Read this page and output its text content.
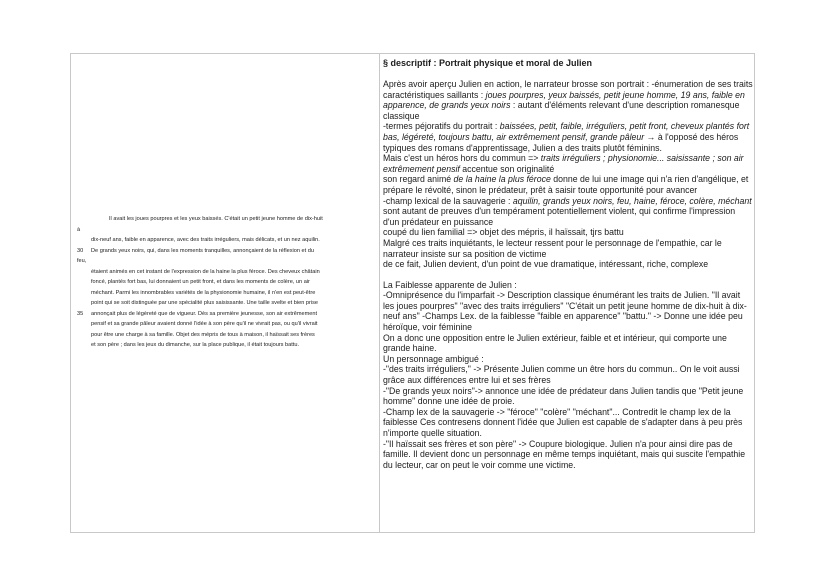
Il avait les joues pourpres et les yeux baissés. C'était un petit jeune homme de dix-huit
à
dix-neuf ans, faible en apparence, avec des traits irréguliers, mais délicats, et un nez aquilin.
30 De grands yeux noirs, qui, dans les moments tranquilles, annonçaient de la réflexion et du
feu,
étaient animés en cet instant de l'expression de la haine la plus féroce. Des cheveux châtain
foncé, plantés fort bas, lui donnaient un petit front, et dans les moments de colère, un air
méchant. Parmi les innombrables variétés de la physionomie humaine, il n'en est peut-être
point qui se soit distinguée par une spécialité plus saisissante. Une taille svelte et bien prise
35 annonçait plus de légèreté que de vigueur. Dès sa première jeunesse, son air extrêmement
pensif et sa grande pâleur avaient donné l'idée à son père qu'il ne vivrait pas, ou qu'il vivrait
pour être une charge à sa famille. Objet des mépris de tous à maison, il haïssait ses frères
et son père ; dans les jeux du dimanche, sur la place publique, il était toujours battu.
§ descriptif : Portrait physique et moral de Julien

Après avoir aperçu Julien en action, le narrateur brosse son portrait : -énumeration de ses traits caractéristiques saillants : joues pourpres, yeux baissés, petit jeune homme, 19 ans, faible en apparence, de grands yeux noirs : autant d'éléments relevant d'une description romanesque classique

-termes péjoratifs du portrait : baissées, petit, faible, irréguliers, petit front, cheveux plantés fort bas, légéreté, toujours battu, air extrêmement pensif, grande pâleur → à l'opposé des héros typiques des romans d'apprentissage, Julien a des traits plutôt féminins.

Mais c'est un héros hors du commun => traits irréguliers ; physionomie... saisissante ; son air extrêmement pensif accentue son originalité

son regard animé de la haine la plus féroce donne de lui une image qui n'a rien d'angélique, et prépare le révolté, sinon le prédateur, prêt à saisir toute opportunité pour avancer

-champ lexical de la sauvagerie : aquilin, grands yeux noirs, feu, haine, féroce, colère, méchant sont autant de preuves d'un tempérament potentiellement violent, qui confirme l'impression d'un prédateur en puissance

coupé du lien familial => objet des mépris, il haïssait, tjrs battu

Malgré ces traits inquiétants, le lecteur ressent pour le personnage de l'empathie, car le narrateur insiste sur sa position de victime

de ce fait, Julien devient, d'un point de vue dramatique, intéressant, riche, complexe

La Faiblesse apparente de Julien :

-Omniprésence du l'imparfait -> Description classique énumérant les traits de Julien. "Il avait les joues pourpres" "avec des traits irréguliers" "C'était un petit jeune homme de dix-huit à dix-neuf ans" -Champs Lex. de la faiblesse "faible en apparence" "battu." -> Donne une idée peu héroïque, voir féminine

On a donc une opposition entre le Julien extérieur, faible et et intérieur, qui comporte une grande haine.

Un personnage ambigué :

-"des traits irréguliers," -> Présente Julien comme un être hors du commun.. On le voit aussi grâce aux différences entre lui et ses frères

-"De grands yeux noirs"-> annonce une idée de prédateur dans Julien tandis que "Petit jeune homme" donne une idée de proie.

-Champ lex de la sauvagerie -> "féroce" "colère" "méchant"... Contredit le champ lex de la faiblesse Ces contresens donnent l'idée que Julien est capable de s'adapter dans à peu près n'importe quelle situation.

-"Il haïssait ses frères et son père" -> Coupure biologique. Julien n'a pour ainsi dire pas de famille. Il devient donc un personnage en même temps inquiétant, mais qui suscite l'empathie du lecteur, car on peut le voir comme une victime.
